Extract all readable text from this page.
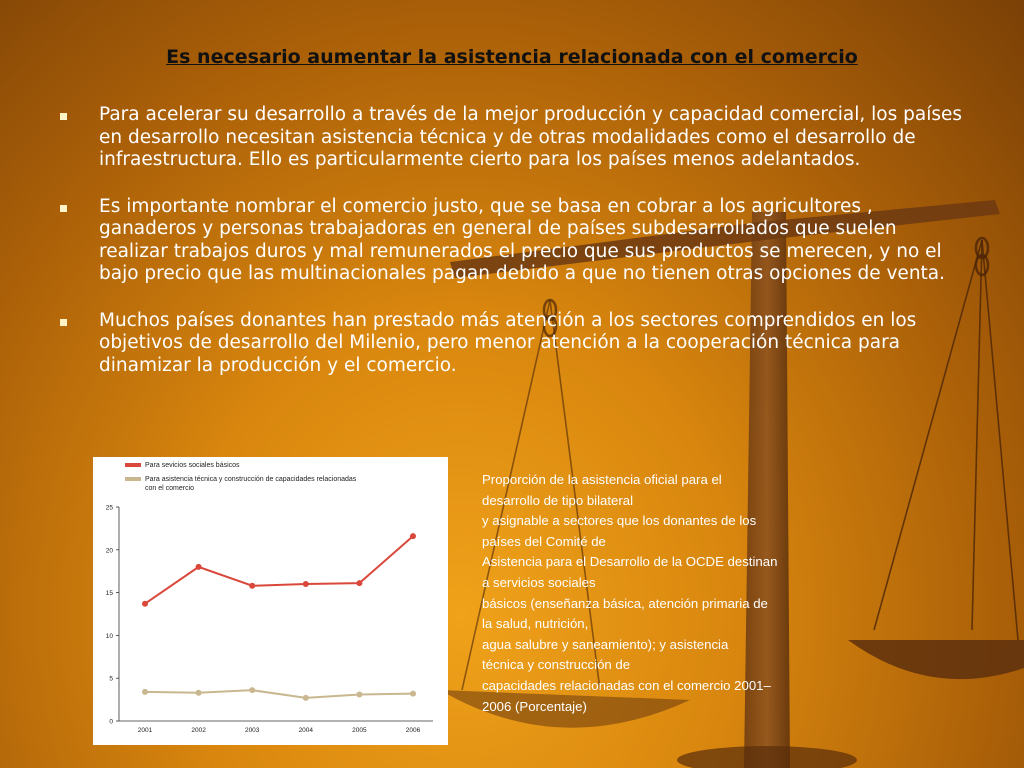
Es necesario aumentar la asistencia relacionada con el comercio
Para acelerar su desarrollo a través de la mejor producción y capacidad comercial, los países en desarrollo necesitan asistencia técnica y de otras modalidades como el desarrollo de infraestructura. Ello es particularmente cierto para los países menos adelantados.
Es importante nombrar el comercio justo, que se basa en cobrar a los agricultores , ganaderos y personas trabajadoras en general de países subdesarrollados que suelen realizar trabajos duros y mal remunerados el precio que sus productos se merecen, y no el bajo precio que las multinacionales pagan debido a que no tienen otras opciones de venta.
Muchos países donantes han prestado más atención a los sectores comprendidos en los objetivos de desarrollo del Milenio, pero menor atención a la cooperación técnica para dinamizar la producción y el comercio.
Para sevicios sociales básicos
Para asistencia técnica y construcción de capacidades relacionadas
con el comercio
0
5
10
15
20
25
2001	2002	2003	2004	2005	2006
Proporción de la asistencia oficial para el
desarrollo de tipo bilateral
y asignable a sectores que los donantes de los
países del Comité de
Asistencia para el Desarrollo de la OCDE destinan
a servicios sociales
básicos (enseñanza básica, atención primaria de
la salud, nutrición,
agua salubre y saneamiento); y asistencia
técnica y construcción de
capacidades relacionadas con el comercio 2001–
2006 (Porcentaje)
